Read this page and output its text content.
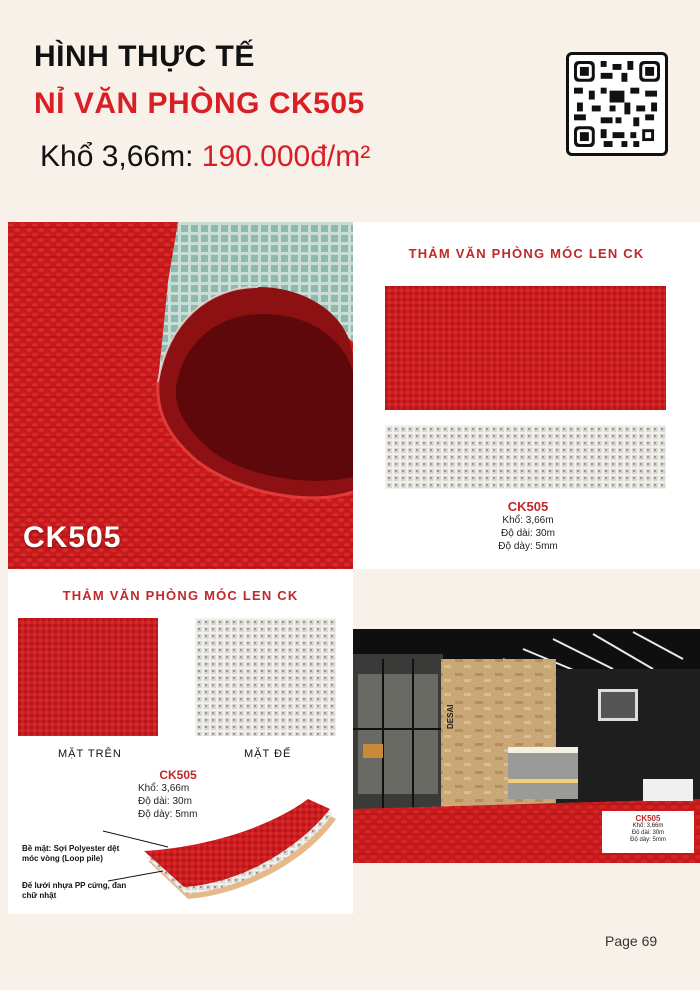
HÌNH THỰC TẾ
NỈ VĂN PHÒNG CK505
Khổ 3,66m: 190.000đ/m²
CK505
THẢM VĂN PHÒNG MÓC LEN CK
CK505
Khổ: 3,66m
Độ dài: 30m
Độ dày: 5mm
THẢM VĂN PHÒNG MÓC LEN CK
MẶT TRÊN	MẶT ĐẾ
CK505
Khổ: 3,66m
Độ dài: 30m
Độ dày: 5mm
Bề mặt: Sợi Polyester dệt
móc vòng (Loop pile)
Đế lưới nhựa PP cứng, đan
chữ nhật
DESAI
CK505
Khổ: 3,66m
Độ dài: 30m
Độ dày: 5mm
Page 69
